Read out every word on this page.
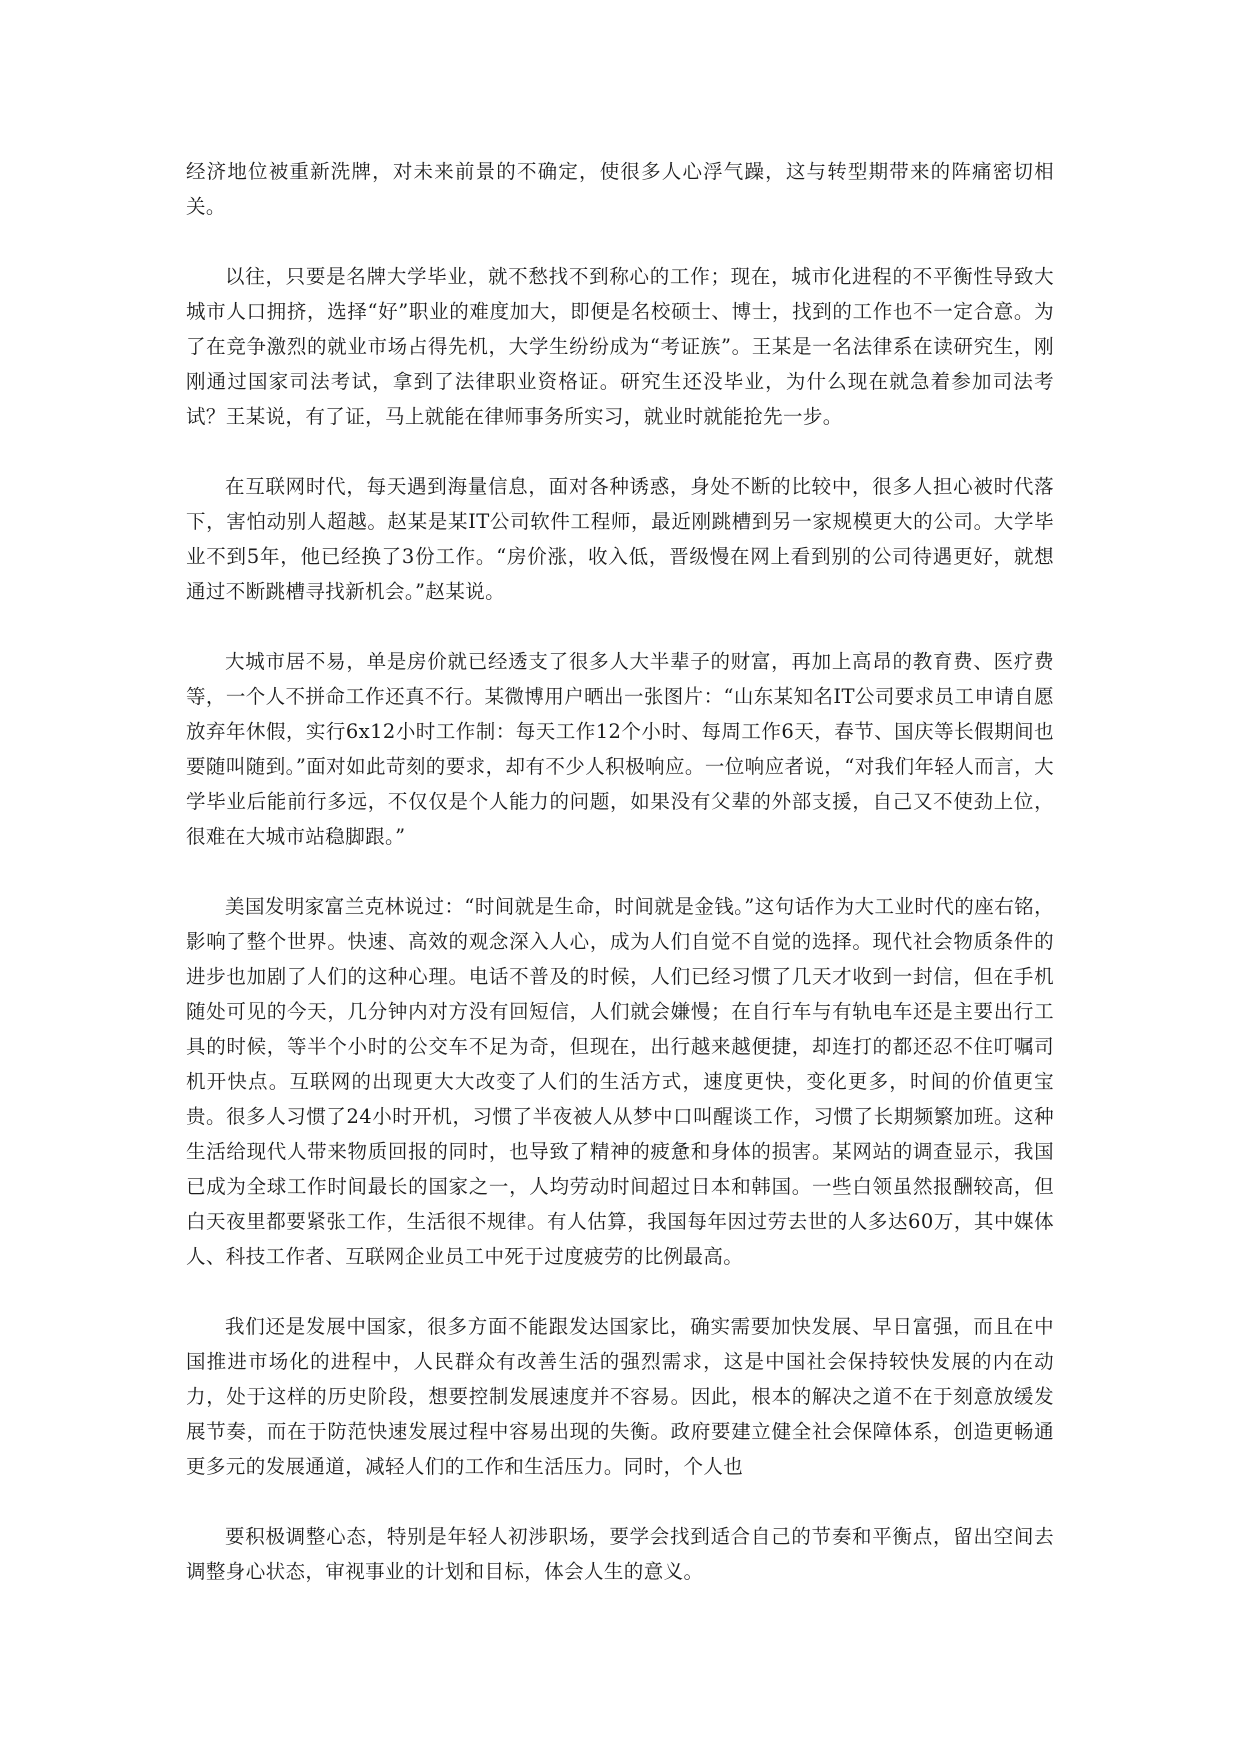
经济地位被重新洗牌，对未来前景的不确定，使很多人心浮气躁，这与转型期带来的阵痛密切相关。

以往，只要是名牌大学毕业，就不愁找不到称心的工作；现在，城市化进程的不平衡性导致大城市人口拥挤，选择“好”职业的难度加大，即便是名校硕士、博士，找到的工作也不一定合意。为了在竞争激烈的就业市场占得先机，大学生纷纷成为“考证族”。王某是一名法律系在读研究生，刚刚通过国家司法考试，拿到了法律职业资格证。研究生还没毕业，为什么现在就急着参加司法考试？王某说，有了证，马上就能在律师事务所实习，就业时就能抢先一步。

在互联网时代，每天遇到海量信息，面对各种诱惑，身处不断的比较中，很多人担心被时代落下，害怕动别人超越。赵某是某IT公司软件工程师，最近刚跳槽到另一家规模更大的公司。大学毕业不到5年，他已经换了3份工作。“房价涨，收入低，晋级慢在网上看到别的公司待遇更好，就想通过不断跳槽寻找新机会。”赵某说。

大城市居不易，单是房价就已经透支了很多人大半辈子的财富，再加上高昂的教育费、医疗费等，一个人不拼命工作还真不行。某微博用户晒出一张图片：“山东某知名IT公司要求员工申请自愿放弃年休假，实行6x12小时工作制：每天工作12个小时、每周工作6天，春节、国庆等长假期间也要随叫随到。”面对如此苛刻的要求，却有不少人积极响应。一位响应者说，“对我们年轻人而言，大学毕业后能前行多远，不仅仅是个人能力的问题，如果没有父辈的外部支援，自己又不使劲上位，很难在大城市站稳脚跟。”

美国发明家富兰克林说过：“时间就是生命，时间就是金钱。”这句话作为大工业时代的座右铭，影响了整个世界。快速、高效的观念深入人心，成为人们自觉不自觉的选择。现代社会物质条件的进步也加剧了人们的这种心理。电话不普及的时候，人们已经习惯了几天才收到一封信，但在手机随处可见的今天，几分钟内对方没有回短信，人们就会嫌慢；在自行车与有轨电车还是主要出行工具的时候，等半个小时的公交车不足为奇，但现在，出行越来越便捷，却连打的都还忍不住叮嘱司机开快点。互联网的出现更大大改变了人们的生活方式，速度更快，变化更多，时间的价值更宝贵。很多人习惯了24小时开机，习惯了半夜被人从梦中口叫醒谈工作，习惯了长期频繁加班。这种生活给现代人带来物质回报的同时，也导致了精神的疲惫和身体的损害。某网站的调查显示，我国已成为全球工作时间最长的国家之一，人均劳动时间超过日本和韩国。一些白领虽然报酬较高，但白天夜里都要紧张工作，生活很不规律。有人估算，我国每年因过劳去世的人多达60万，其中媒体人、科技工作者、互联网企业员工中死于过度疲劳的比例最高。

我们还是发展中国家，很多方面不能跟发达国家比，确实需要加快发展、早日富强，而且在中国推进市场化的进程中，人民群众有改善生活的强烈需求，这是中国社会保持较快发展的内在动力，处于这样的历史阶段，想要控制发展速度并不容易。因此，根本的解决之道不在于刻意放缓发展节奏，而在于防范快速发展过程中容易出现的失衡。政府要建立健全社会保障体系，创造更畅通更多元的发展通道，减轻人们的工作和生活压力。同时，个人也

要积极调整心态，特别是年轻人初涉职场，要学会找到适合自己的节奏和平衡点，留出空间去调整身心状态，审视事业的计划和目标，体会人生的意义。
